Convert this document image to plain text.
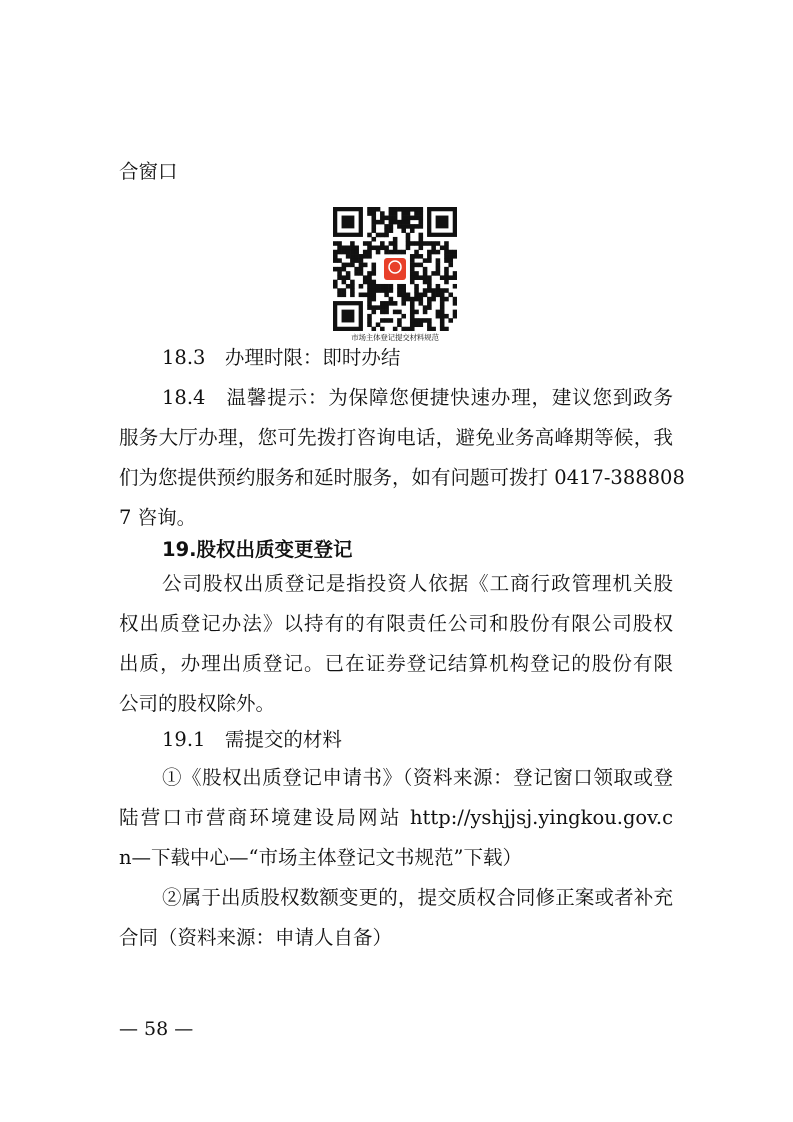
合窗口
市场主体登记提交材料规范
18.3　办理时限：即时办结
18.4　温馨提示：为保障您便捷快速办理，建议您到政务
服务大厅办理，您可先拨打咨询电话，避免业务高峰期等候，我
们为您提供预约服务和延时服务，如有问题可拨打 0417-388808
7 咨询。
19.股权出质变更登记
公司股权出质登记是指投资人依据《工商行政管理机关股
权出质登记办法》以持有的有限责任公司和股份有限公司股权
出质，办理出质登记。已在证券登记结算机构登记的股份有限
公司的股权除外。
19.1　需提交的材料
①《股权出质登记申请书》（资料来源：登记窗口领取或登
陆营口市营商环境建设局网站 http://yshjjsj.yingkou.gov.c
n—下载中心—“市场主体登记文书规范”下载）
②属于出质股权数额变更的，提交质权合同修正案或者补充
合同（资料来源：申请人自备）
— 58 —
